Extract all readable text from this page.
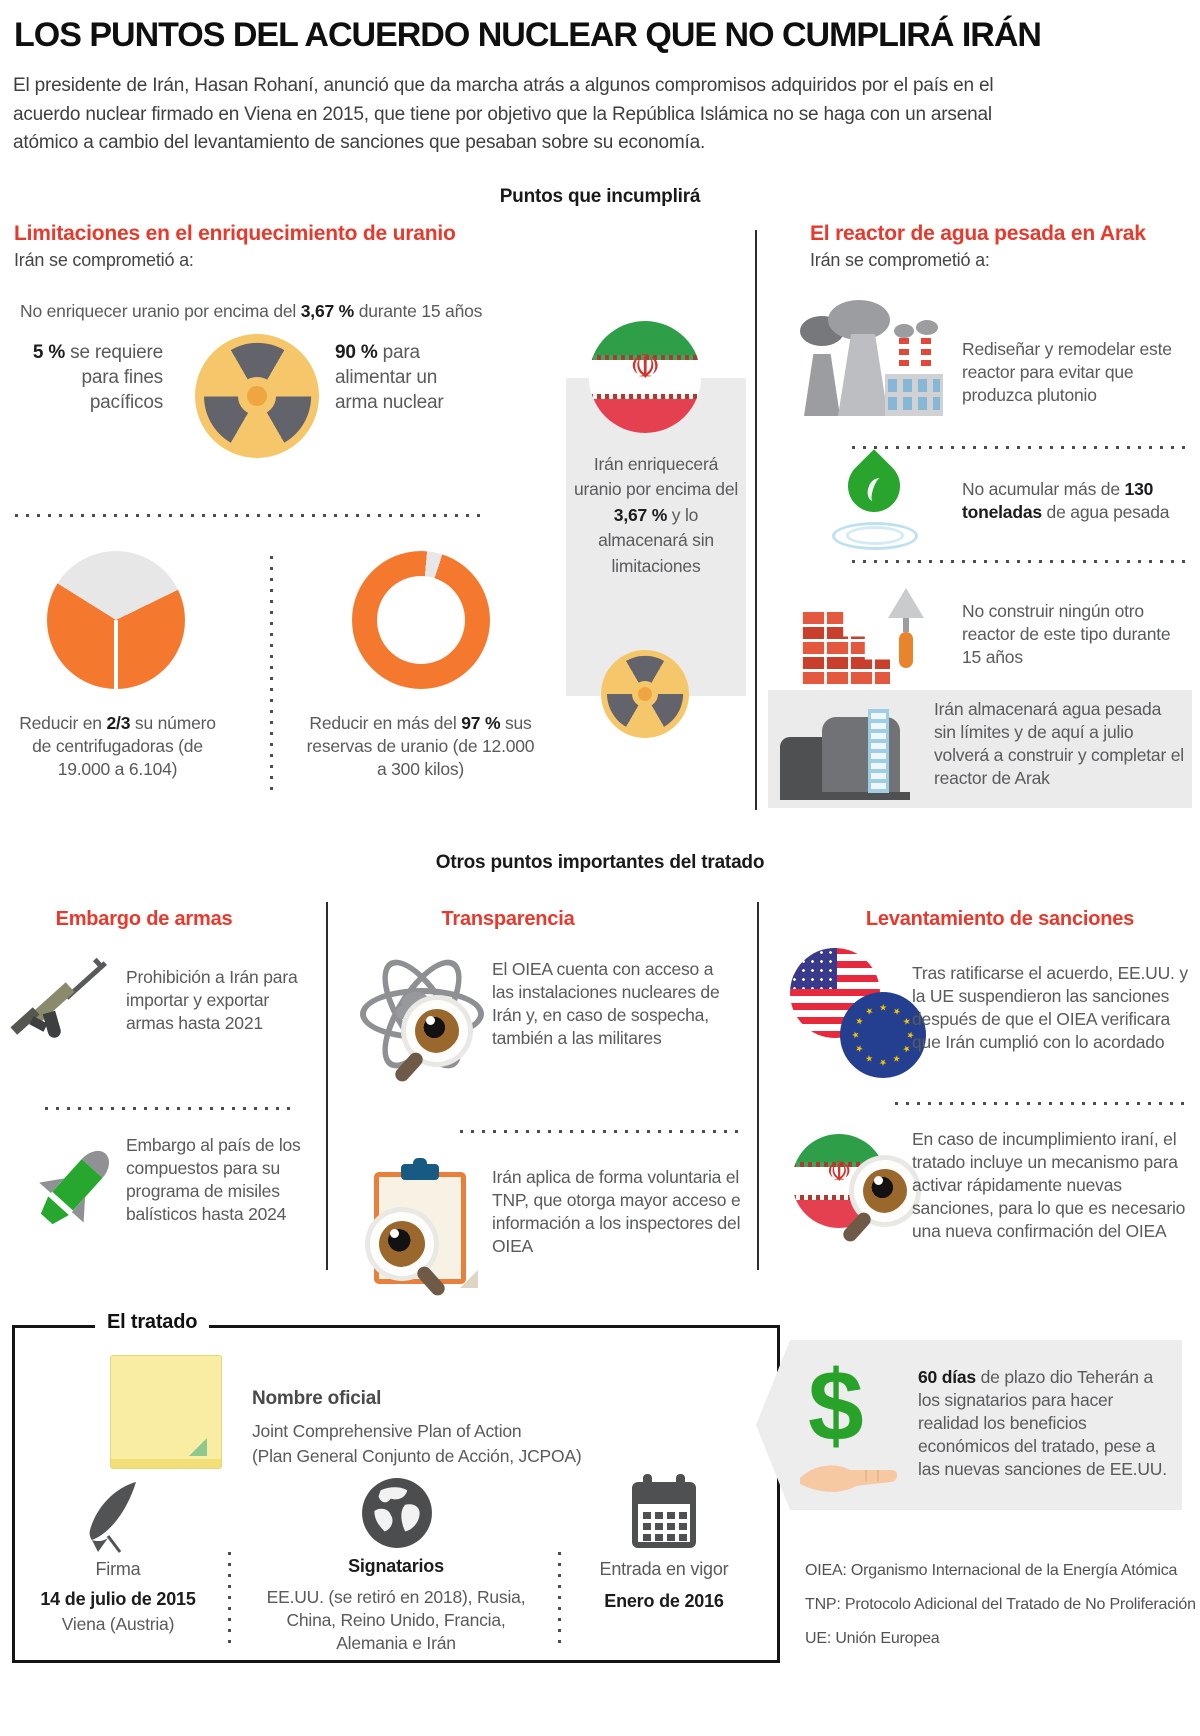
LOS PUNTOS DEL ACUERDO NUCLEAR QUE NO CUMPLIRÁ IRÁN
El presidente de Irán, Hasan Rohaní, anunció que da marcha atrás a algunos compromisos adquiridos por el país en el acuerdo nuclear firmado en Viena en 2015, que tiene por objetivo que la República Islámica no se haga con un arsenal atómico a cambio del levantamiento de sanciones que pesaban sobre su economía.
Puntos que incumplirá
Limitaciones en el enriquecimiento de uranio
Irán se comprometió a:
No enriquecer uranio por encima del 3,67 % durante 15 años
5 % se requiere para fines pacíficos
90 % para alimentar un arma nuclear
Reducir en 2/3 su número de centrifugadoras (de 19.000 a 6.104)
Reducir en más del 97 % sus reservas de uranio (de 12.000 a 300 kilos)
☫
Irán enriquecerá uranio por encima del 3,67 % y lo almacenará sin limitaciones
El reactor de agua pesada en Arak
Irán se comprometió a:
Rediseñar y remodelar este reactor para evitar que produzca plutonio
No acumular más de 130 toneladas de agua pesada
No construir ningún otro reactor de este tipo durante 15 años
Irán almacenará agua pesada sin límites y de aquí a julio volverá a construir y completar el reactor de Arak
Otros puntos importantes del tratado
Embargo de armas
Prohibición a Irán para importar y exportar armas hasta 2021
Embargo al país de los compuestos para su programa de misiles balísticos hasta 2024
Transparencia
El OIEA cuenta con acceso a las instalaciones nucleares de Irán y, en caso de sospecha, también a las militares
Irán aplica de forma voluntaria el TNP, que otorga mayor acceso e información a los inspectores del OIEA
Levantamiento de sanciones
★ ★
★
★
★
★
★
★
★
★
★
★
Tras ratificarse el acuerdo, EE.UU. y la UE suspendieron las sanciones después de que el OIEA verificara que Irán cumplió con lo acordado
☫
En caso de incumplimiento iraní, el tratado incluye un mecanismo para activar rápidamente nuevas sanciones, para lo que es necesario una nueva confirmación del OIEA
El tratado
Nombre oficial
Joint Comprehensive Plan of Action
(Plan General Conjunto de Acción, JCPOA)
Firma
14 de julio de 2015
Viena (Austria)
Signatarios
EE.UU. (se retiró en 2018), Rusia, China, Reino Unido, Francia, Alemania e Irán
Entrada en vigor
Enero de 2016
$	60 días de plazo dio Teherán a los signatarios para hacer realidad los beneficios económicos del tratado, pese a las nuevas sanciones de EE.UU.
OIEA: Organismo Internacional de la Energía Atómica
TNP: Protocolo Adicional del Tratado de No Proliferación
UE: Unión Europea
